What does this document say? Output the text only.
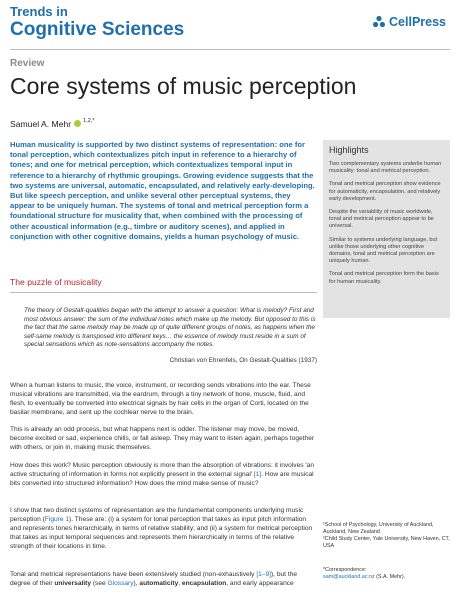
Trends in
Cognitive Sciences	CellPress
Review
Core systems of music perception
Samuel A. Mehr 1,2,*
Human musicality is supported by two distinct systems of representation: one for tonal perception, which contextualizes pitch input in reference to a hierarchy of tones; and one for metrical perception, which contextualizes temporal input in reference to a hierarchy of rhythmic groupings. Growing evidence suggests that the two systems are universal, automatic, encapsulated, and relatively early-developing. But like speech perception, and unlike several other perceptual systems, they appear to be uniquely human. The systems of tonal and metrical perception form a foundational structure for musicality that, when combined with the processing of other acoustical information (e.g., timbre or auditory scenes), and applied in conjunction with other cognitive domains, yields a human psychology of music.
Highlights
Two complementary systems underlie human musicality: tonal and metrical perception.
Tonal and metrical perception show evidence for automaticity, encapsulation, and relatively early development.
Despite the variability of music worldwide, tonal and metrical perception appear to be universal.
Similar to systems underlying language, but unlike those underlying other cognitive domains, tonal and metrical perception are uniquely human.
Tonal and metrical perception form the basis for human musicality.
The puzzle of musicality
The theory of Gestalt-qualities began with the attempt to answer a question: What is melody? First and most obvious answer: the sum of the individual notes which make up the melody. But opposed to this is the fact that the same melody may be made up of quite different groups of notes, as happens when the self-same melody is transposed into different keys… the essence of melody must reside in a sum of special sensations which as note-sensations accompany the notes.
Christian von Ehrenfels, On Gestalt-Qualities (1937)
When a human listens to music, the voice, instrument, or recording sends vibrations into the ear. These musical vibrations are transmitted, via the eardrum, through a tiny network of bone, muscle, fluid, and flesh, to eventually be converted into electrical signals by hair cells in the organ of Corti, located on the basilar membrane, and sent up the cochlear nerve to the brain.
This is already an odd process, but what happens next is odder. The listener may move, be moved, become excited or sad, experience chills, or fall asleep. They may want to listen again, perhaps together with others, or join in, making music themselves.
How does this work? Music perception obviously is more than the absorption of vibrations: it involves 'an active structuring of information in forms not explicitly present in the external signal' [1]. How are musical bits converted into structured information? How does the mind make sense of music?
I show that two distinct systems of representation are the fundamental components underlying music perception (Figure 1). These are: (i) a system for tonal perception that takes as input pitch information and represents tones hierarchically, in terms of relative stability; and (ii) a system for metrical perception that takes as input temporal sequences and represents them hierarchically in terms of the relative strength of their locations in time.
Tonal and metrical representations have been extensively studied (non-exhaustively [1–9]), but the degree of their universality (see Glossary), automaticity, encapsulation, and early appearance
¹School of Psychology, University of Auckland, Auckland, New Zealand
²Child Study Center, Yale University, New Haven, CT, USA
*Correspondence:
sam@auckland.ac.nz (S.A. Mehr).
